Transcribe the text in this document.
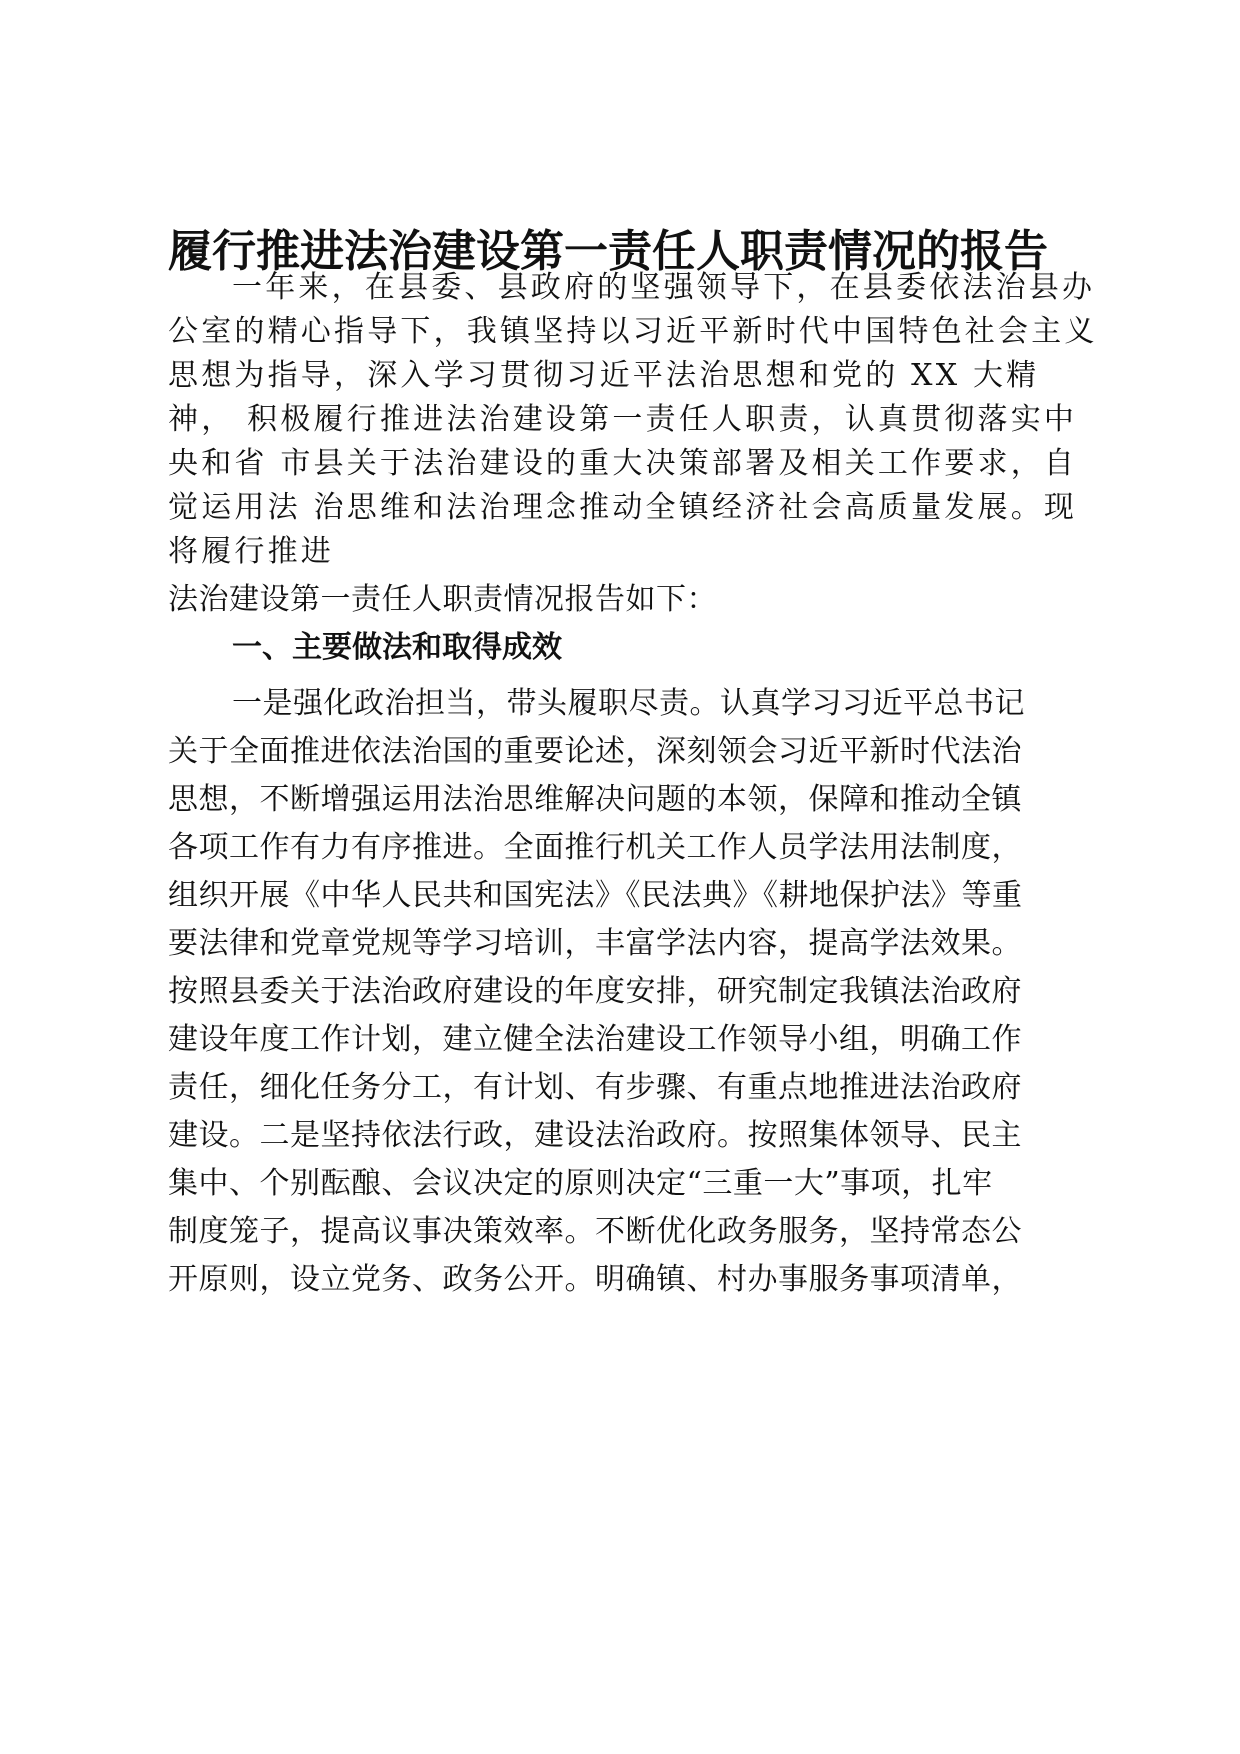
履行推进法治建设第一责任人职责情况的报告
一年来，在县委、县政府的坚强领导下，在县委依法治县办
公室的精心指导下，我镇坚持以习近平新时代中国特色社会主义
思想为指导，深入学习贯彻习近平法治思想和党的 XX 大精
神， 积极履行推进法治建设第一责任人职责，认真贯彻落实中
央和省 市县关于法治建设的重大决策部署及相关工作要求，自
觉运用法 治思维和法治理念推动全镇经济社会高质量发展。现
将履行推进
法治建设第一责任人职责情况报告如下：
一、主要做法和取得成效
一是强化政治担当，带头履职尽责。认真学习习近平总书记
关于全面推进依法治国的重要论述，深刻领会习近平新时代法治
思想，不断增强运用法治思维解决问题的本领，保障和推动全镇
各项工作有力有序推进。全面推行机关工作人员学法用法制度，
组织开展《中华人民共和国宪法》《民法典》《耕地保护法》等重
要法律和党章党规等学习培训，丰富学法内容，提高学法效果。
按照县委关于法治政府建设的年度安排，研究制定我镇法治政府
建设年度工作计划，建立健全法治建设工作领导小组，明确工作
责任，细化任务分工，有计划、有步骤、有重点地推进法治政府
建设。二是坚持依法行政，建设法治政府。按照集体领导、民主
集中、个别酝酿、会议决定的原则决定“三重一大”事项，扎牢
制度笼子，提高议事决策效率。不断优化政务服务，坚持常态公
开原则，设立党务、政务公开。明确镇、村办事服务事项清单，
